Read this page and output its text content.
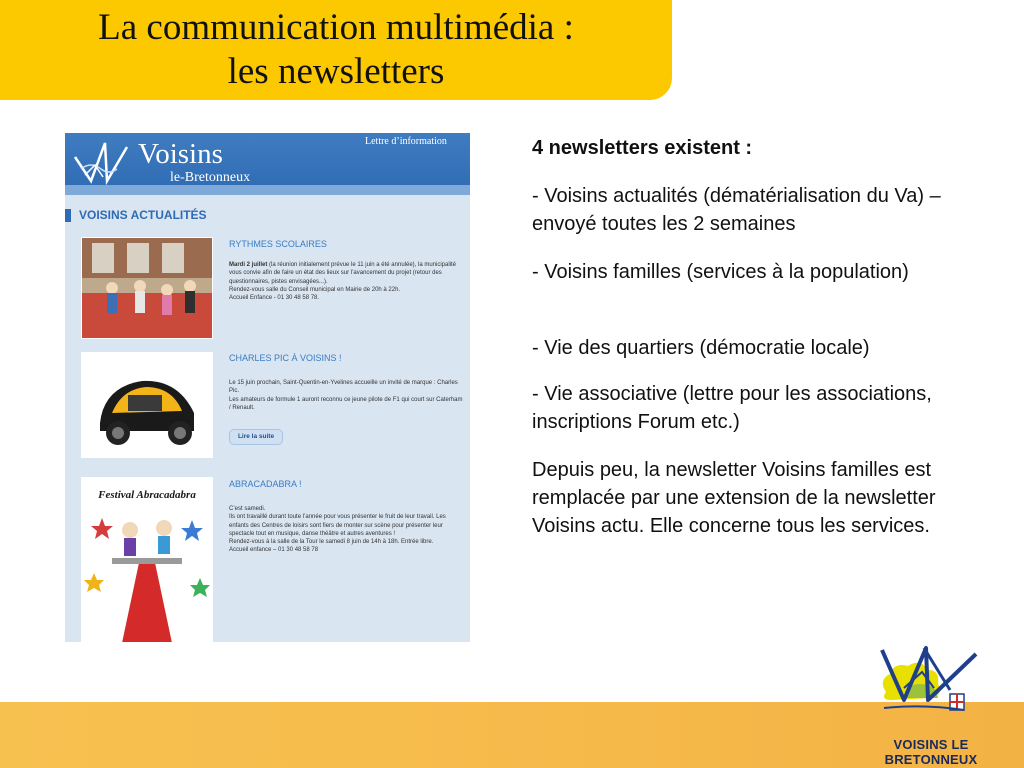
La communication multimédia :
les newsletters
Voisins
le-Bretonneux
Lettre d’information
VOISINS ACTUALITÉS
RYTHMES SCOLAIRES
Mardi 2 juillet (la réunion initialement prévue le 11 juin a été annulée), la municipalité vous convie afin de faire un état des lieux sur l’avancement du projet (retour des questionnaires, pistes envisagées...).
Rendez-vous salle du Conseil municipal en Mairie de 20h à 22h.
Accueil Enfance - 01 30 48 58 78.
CHARLES PIC À VOISINS !
Le 15 juin prochain, Saint-Quentin-en-Yvelines accueille un invité de marque : Charles Pic.
Les amateurs de formule 1 auront reconnu ce jeune pilote de F1 qui court sur Caterham / Renault.
Lire la suite
Festival Abracadabra
ABRACADABRA !
C’est samedi.
Ils ont travaillé durant toute l’année pour vous présenter le fruit de leur travail. Les enfants des Centres de loisirs sont fiers de monter sur scène pour présenter leur spectacle tout en musique, danse théâtre et autres aventures !
Rendez-vous à la salle de la Tour le samedi 8 juin de 14h à 18h. Entrée libre.
Accueil enfance – 01 30 48 58 78
4 newsletters existent :
- Voisins actualités (dématérialisation du Va) – envoyé toutes les 2 semaines
- Voisins familles (services à la population)
- Vie des quartiers (démocratie locale)
- Vie associative (lettre pour les associations, inscriptions Forum etc.)
Depuis peu, la newsletter Voisins familles est remplacée par une extension de la newsletter Voisins actu. Elle concerne tous les services.
VOISINS LE BRETONNEUX
